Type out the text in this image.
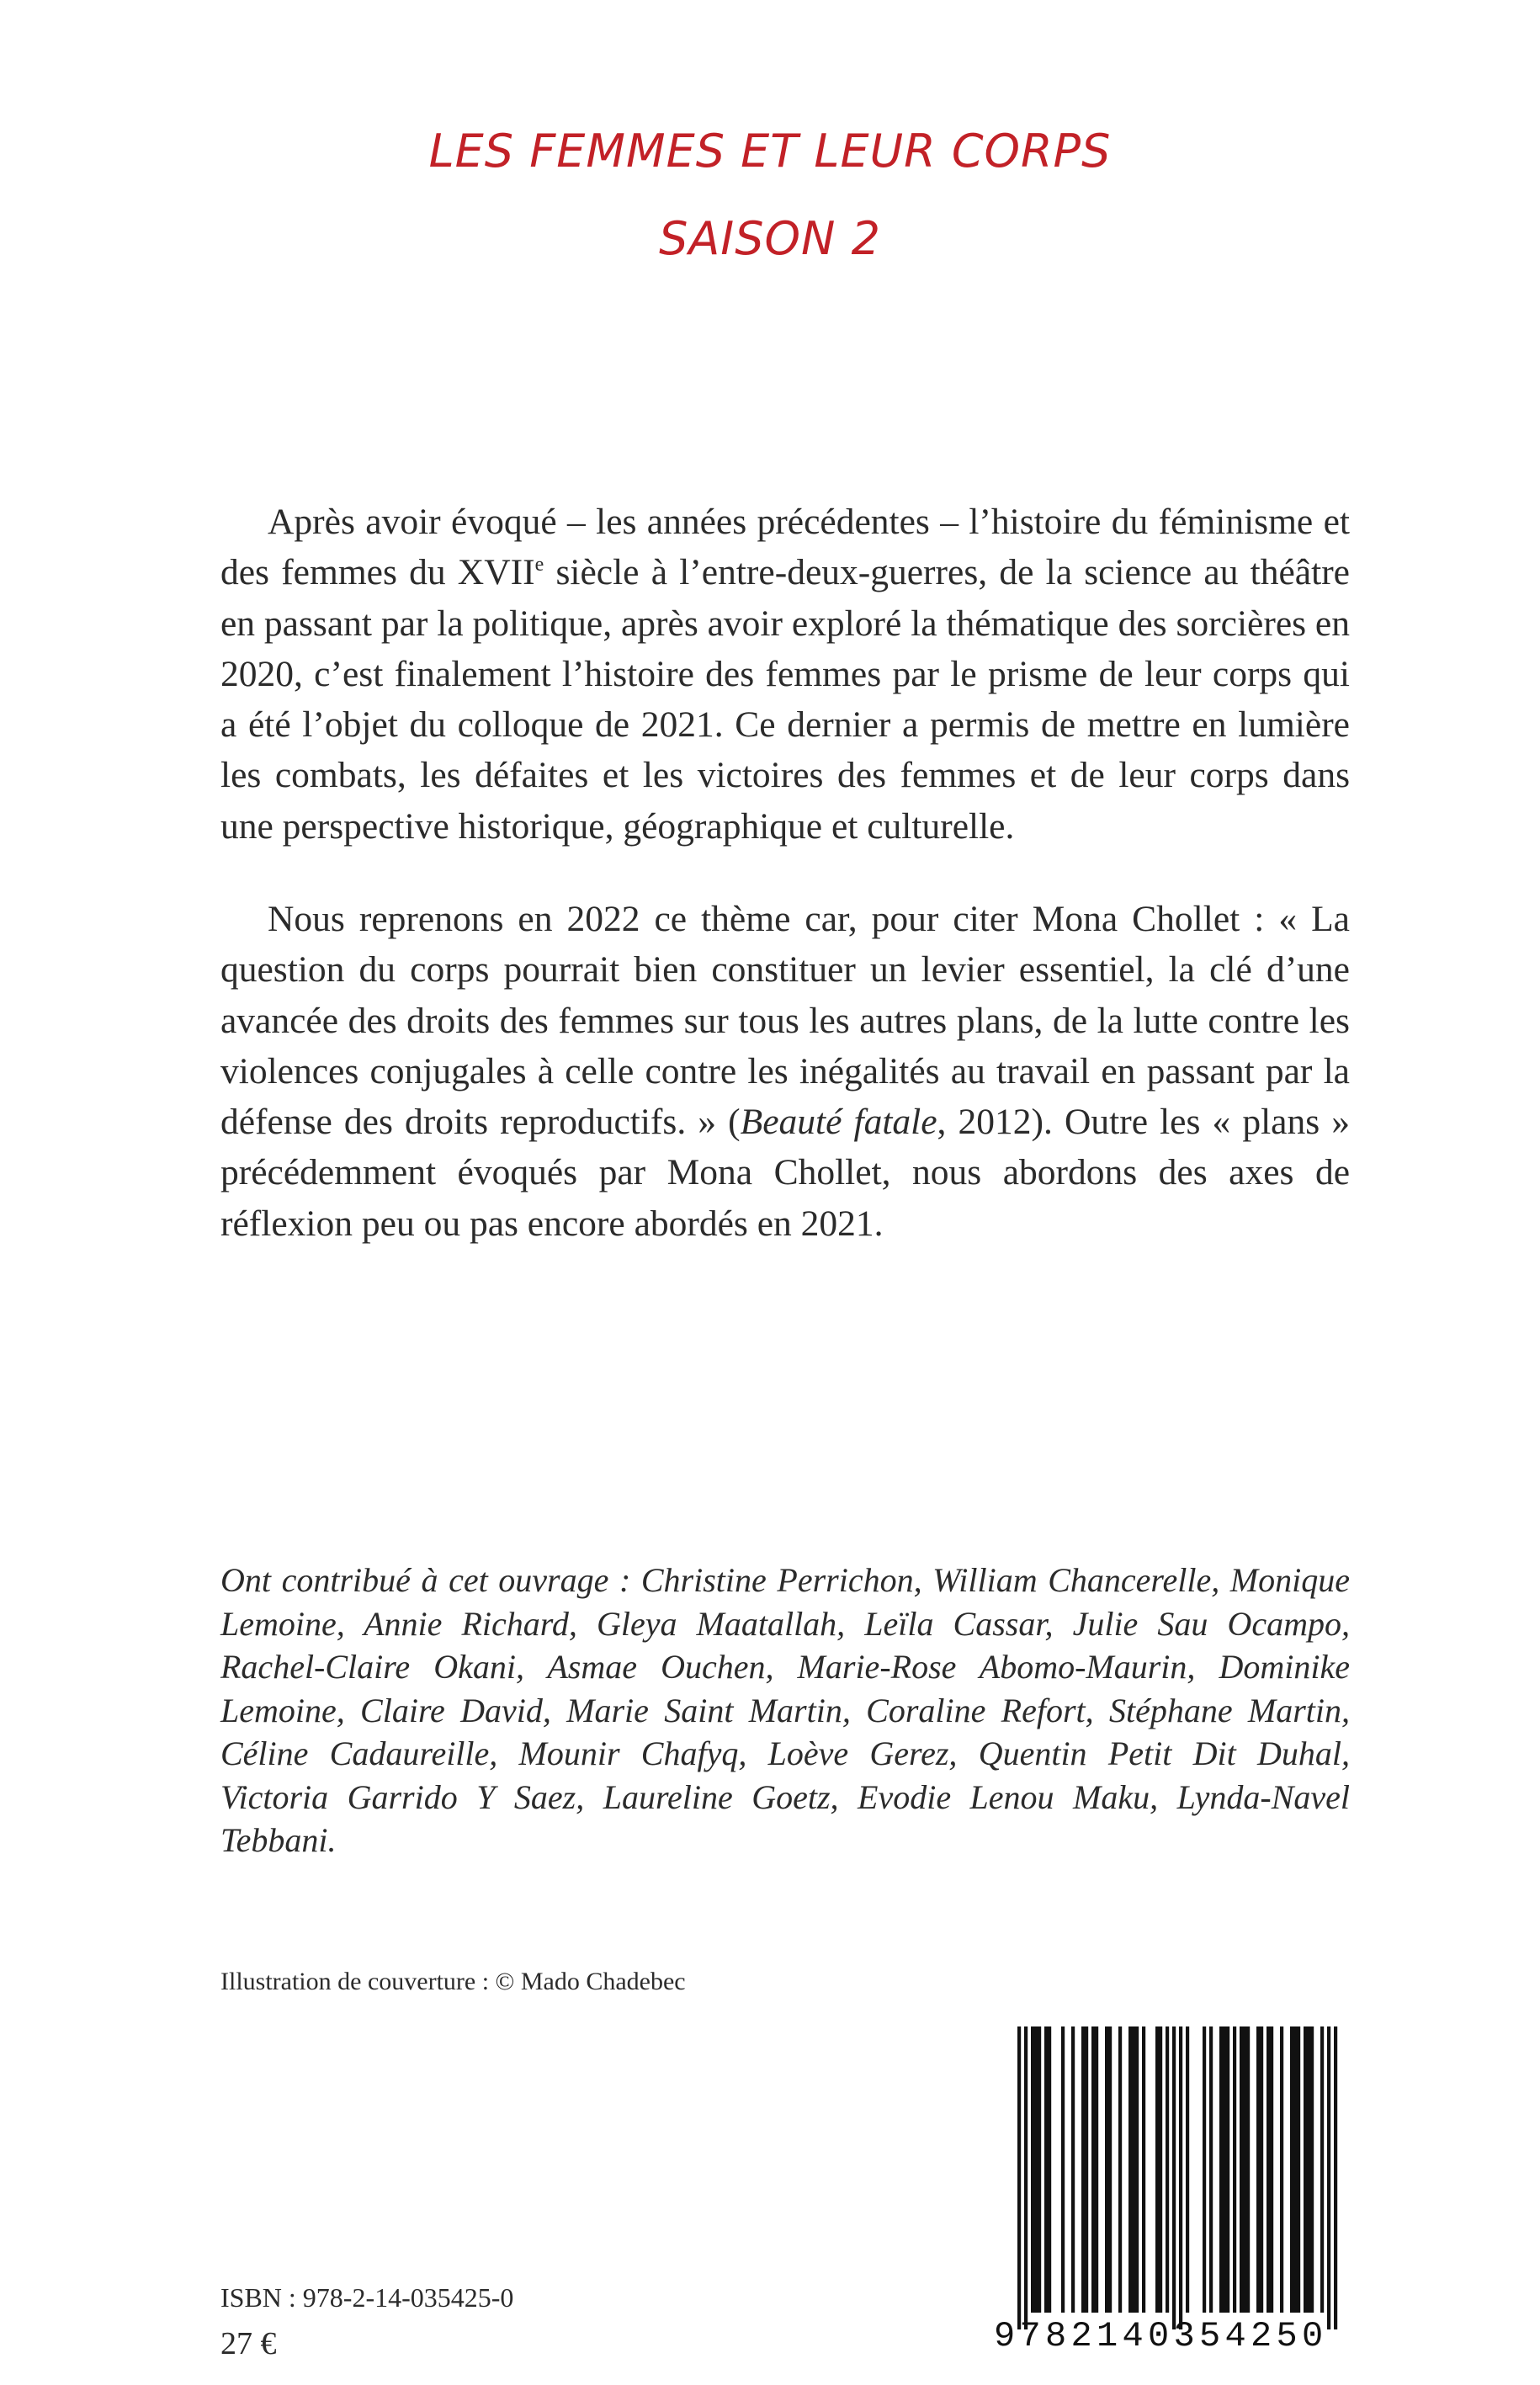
LES FEMMES ET LEUR CORPS
SAISON 2

Après avoir évoqué – les années précédentes – l’histoire du féminisme et des femmes du XVIIe siècle à l’entre-deux-guerres, de la science au théâtre en passant par la politique, après avoir exploré la thématique des sorcières en 2020, c’est finalement l’histoire des femmes par le prisme de leur corps qui a été l’objet du colloque de 2021. Ce dernier a permis de mettre en lumière les combats, les défaites et les victoires des femmes et de leur corps dans une perspective historique, géographique et culturelle.

Nous reprenons en 2022 ce thème car, pour citer Mona Chollet : « La question du corps pourrait bien constituer un levier essentiel, la clé d’une avancée des droits des femmes sur tous les autres plans, de la lutte contre les violences conjugales à celle contre les inégalités au travail en passant par la défense des droits reproductifs. » (Beauté fatale, 2012). Outre les « plans » précédemment évoqués par Mona Chollet, nous abordons des axes de réflexion peu ou pas encore abordés en 2021.

Ont contribué à cet ouvrage : Christine Perrichon, William Chancerelle, Monique Lemoine, Annie Richard, Gleya Maatallah, Leïla Cassar, Julie Sau Ocampo, Rachel-Claire Okani, Asmae Ouchen, Marie-Rose Abomo-Maurin, Dominike Lemoine, Claire David, Marie Saint Martin, Coraline Refort, Stéphane Martin, Céline Cadaureille, Mounir Chafyq, Loève Gerez, Quentin Petit Dit Duhal, Victoria Garrido Y Saez, Laureline Goetz, Evodie Lenou Maku, Lynda-Navel Tebbani.

Illustration de couverture : © Mado Chadebec
ISBN : 978-2-14-035425-0
27 €	9782140354250
